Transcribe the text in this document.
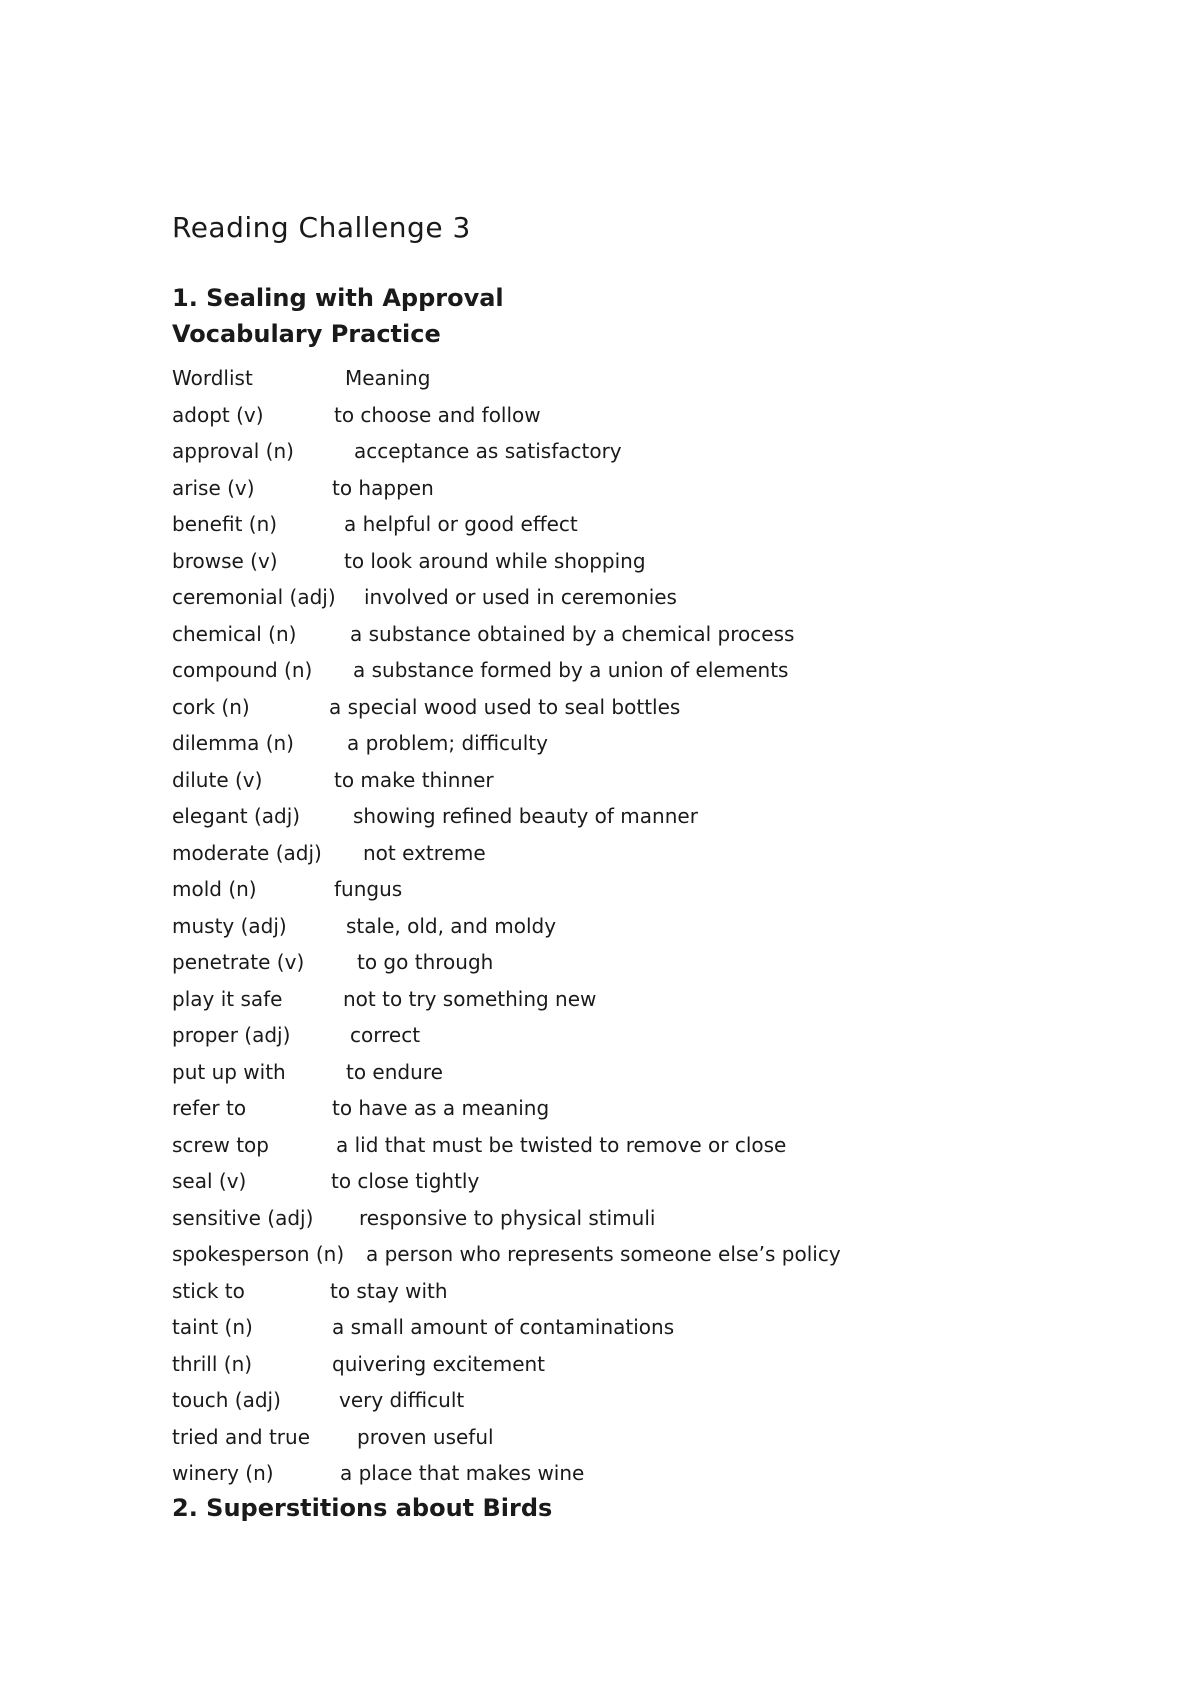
Reading Challenge 3
1. Sealing with Approval
Vocabulary Practice
Wordlist	Meaning
adopt (v)	to choose and follow
approval (n)	acceptance as satisfactory
arise (v)	to happen
benefit (n)	a helpful or good effect
browse (v)	to look around while shopping
ceremonial (adj) involved or used in ceremonies
chemical (n)	a substance obtained by a chemical process
compound (n) a substance formed by a union of elements
cork (n)	a special wood used to seal bottles
dilemma (n)	a problem; difficulty
dilute (v)	to make thinner
elegant (adj)	showing refined beauty of manner
moderate (adj) not extreme
mold (n)	fungus
musty (adj)	stale, old, and moldy
penetrate (v)	to go through
play it safe	not to try something new
proper (adj)	correct
put up with	to endure
refer to	to have as a meaning
screw top	a lid that must be twisted to remove or close
seal (v)	to close tightly
sensitive (adj) responsive to physical stimuli
spokesperson (n) a person who represents someone else’s policy
stick to	to stay with
taint (n)	a small amount of contaminations
thrill (n)	quivering excitement
touch (adj)	very difficult
tried and true proven useful
winery (n)	a place that makes wine
2. Superstitions about Birds
